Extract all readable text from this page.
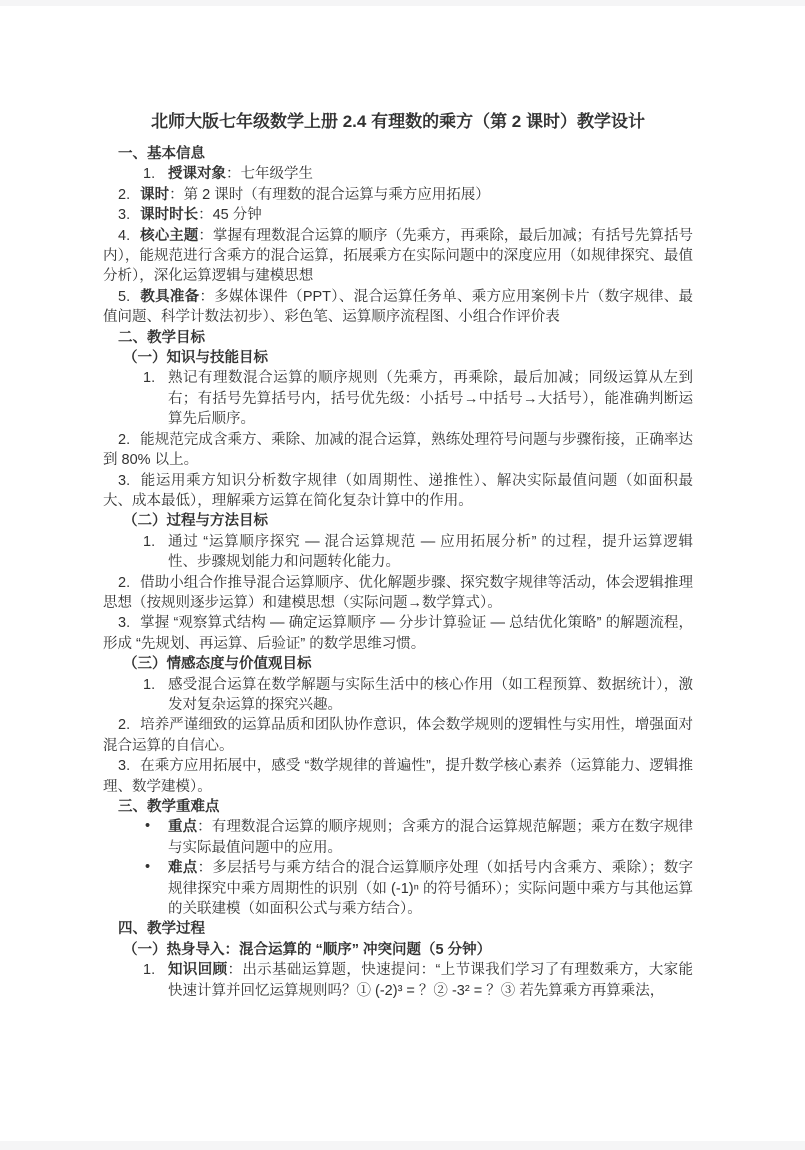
北师大版七年级数学上册 2.4 有理数的乘方（第 2 课时）教学设计
一、基本信息
1. 授课对象：七年级学生
2. 课时：第 2 课时（有理数的混合运算与乘方应用拓展）
3. 课时时长：45 分钟
4. 核心主题：掌握有理数混合运算的顺序（先乘方，再乘除，最后加减；有括号先算括号内），能规范进行含乘方的混合运算，拓展乘方在实际问题中的深度应用（如规律探究、最值分析），深化运算逻辑与建模思想
5. 教具准备：多媒体课件（PPT）、混合运算任务单、乘方应用案例卡片（数字规律、最值问题、科学计数法初步）、彩色笔、运算顺序流程图、小组合作评价表
二、教学目标
（一）知识与技能目标
1. 熟记有理数混合运算的顺序规则（先乘方，再乘除，最后加减；同级运算从左到右；有括号先算括号内，括号优先级：小括号→中括号→大括号），能准确判断运算先后顺序。
2. 能规范完成含乘方、乘除、加减的混合运算，熟练处理符号问题与步骤衔接，正确率达到 80% 以上。
3. 能运用乘方知识分析数字规律（如周期性、递推性）、解决实际最值问题（如面积最大、成本最低），理解乘方运算在简化复杂计算中的作用。
（二）过程与方法目标
1. 通过 “运算顺序探究 — 混合运算规范 — 应用拓展分析” 的过程，提升运算逻辑性、步骤规划能力和问题转化能力。
2. 借助小组合作推导混合运算顺序、优化解题步骤、探究数字规律等活动，体会逻辑推理思想（按规则逐步运算）和建模思想（实际问题→数学算式）。
3. 掌握 “观察算式结构 — 确定运算顺序 — 分步计算验证 — 总结优化策略” 的解题流程，形成 “先规划、再运算、后验证” 的数学思维习惯。
（三）情感态度与价值观目标
1. 感受混合运算在数学解题与实际生活中的核心作用（如工程预算、数据统计），激发对复杂运算的探究兴趣。
2. 培养严谨细致的运算品质和团队协作意识，体会数学规则的逻辑性与实用性，增强面对混合运算的自信心。
3. 在乘方应用拓展中，感受 “数学规律的普遍性”，提升数学核心素养（运算能力、逻辑推理、数学建模）。
三、教学重难点
• 重点：有理数混合运算的顺序规则；含乘方的混合运算规范解题；乘方在数字规律与实际最值问题中的应用。
• 难点：多层括号与乘方结合的混合运算顺序处理（如括号内含乘方、乘除）；数字规律探究中乘方周期性的识别（如 (-1)ⁿ 的符号循环）；实际问题中乘方与其他运算的关联建模（如面积公式与乘方结合）。
四、教学过程
（一）热身导入：混合运算的 “顺序” 冲突问题（5 分钟）
1. 知识回顾：出示基础运算题，快速提问：“上节课我们学习了有理数乘方，大家能快速计算并回忆运算规则吗？① (-2)³ = ？② -3² = ？③ 若先算乘方再算乘法，
